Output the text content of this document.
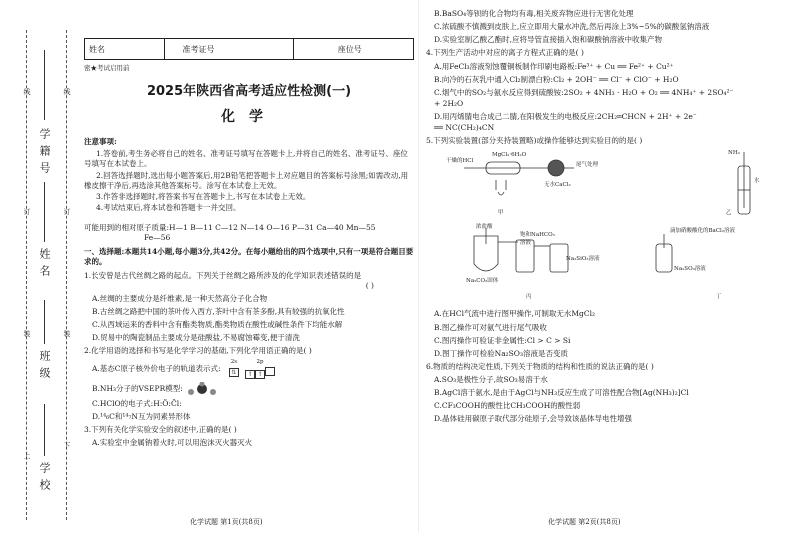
线	线
订	订
装	装
上
下
学籍号
姓名
班级
学校
姓名	准考证号	座位号
密★考试启用前
2025年陕西省高考适应性检测(一)
化学
注意事项:
1.答卷前,考生务必将自己的姓名、准考证号填写在答题卡上,并将自己的姓名、准考证号、座位号填写在本试卷上。
2.回答选择题时,选出每小题答案后,用2B铅笔把答题卡上对应题目的答案标号涂黑;如需改动,用橡皮擦干净后,再选涂其他答案标号。涂写在本试卷上无效。
3.作答非选择题时,将答案书写在答题卡上,书写在本试卷上无效。
4.考试结束后,将本试卷和答题卡一并交回。
可能用到的相对原子质量:H—1 B—11 C—12 N—14 O—16 P—31 Ca—40 Mn—55
Fe—56
一、选择题:本题共14小题,每小题3分,共42分。在每小题给出的四个选项中,只有一项是符合题目要求的。
1.长安曾是古代丝绸之路的起点。下列关于丝绸之路所涉及的化学知识表述错误的是
( )
A.丝绸的主要成分是纤维素,是一种天然高分子化合物
B.古丝绸之路把中国的茶叶传入西方,茶叶中含有茶多酚,具有较强的抗氧化性
C.从西域运来的香料中含有酯类物质,酯类物质在酸性或碱性条件下均能水解
D.贸易中的陶瓷制品主要成分是硅酸盐,不易腐蚀霉变,便于清洗
2.化学用语的选择和书写是化学学习的基础,下列化学用语正确的是( )
A.基态C原子核外价电子的轨道表示式:
2s
⇅
2p
↑ ↑
B.NH₃分子的VSEPR模型:
C.HClO的电子式:H:Ö:C̈l:
D.¹⁴₆C和¹⁴₇N互为同素异形体
3.下列有关化学实验安全的叙述中,正确的是( )
A.实验室中金属钠着火时,可以用泡沫灭火器灭火
化学试题 第1页(共8页)
B.BaSO₄等钡的化合物均有毒,相关废弃物应进行无害化处理
C.浓硫酸不慎溅到皮肤上,应立即用大量水冲洗,然后再涂上3%~5%的碳酸氢钠溶液
D.实验室制乙酸乙酯时,应将导管直接插入饱和碳酸钠溶液中收集产物
4.下列生产活动中对应的离子方程式正确的是( )
A.用FeCl₃溶液刻蚀覆铜板制作印刷电路板:Fe³⁺ + Cu ══ Fe²⁺ + Cu²⁺
B.向冷的石灰乳中通入Cl₂制漂白粉:Cl₂ + 2OH⁻ ══ Cl⁻ + ClO⁻ + H₂O
C.烟气中的SO₂与氨水反应得到硫酸铵:2SO₂ + 4NH₃ · H₂O + O₂ ══ 4NH₄⁺ + 2SO₄²⁻
+ 2H₂O
D.用丙烯腈电合成己二腈,在阳极发生的电极反应:2CH₂═CHCN + 2H⁺ + 2e⁻
══ NC(CH₂)₄CN
5.下列实验装置(部分夹持装置略)或操作能够达到实验目的的是( )
干燥的HCl
MgCl₂·6H₂O
尾气处理
无水CaCl₂
NH₃
水
甲	乙
浓盐酸
饱和NaHCO₃溶液
Na₂SiO₃溶液
Na₂CO₃固体
丙
滴加硝酸酸化的BaCl₂溶液
Na₂SO₃溶液
丁
A.在HCl气流中进行图甲操作,可制取无水MgCl₂
B.图乙操作可对氨气进行尾气吸收
C.图丙操作可验证非金属性:Cl > C > Si
D.图丁操作可检验Na₂SO₃溶液是否变质
6.物质的结构决定性质,下列关于物质的结构和性质的说法正确的是( )
A.SO₃是极性分子,故SO₃易溶于水
B.AgCl溶于氨水,是由于AgCl与NH₃反应生成了可溶性配合物[Ag(NH₃)₂]Cl
C.CF₃COOH的酸性比CH₃COOH的酸性弱
D.晶体硅用碳原子取代部分硅原子,会导致该晶体导电性增强
化学试题 第2页(共8页)
